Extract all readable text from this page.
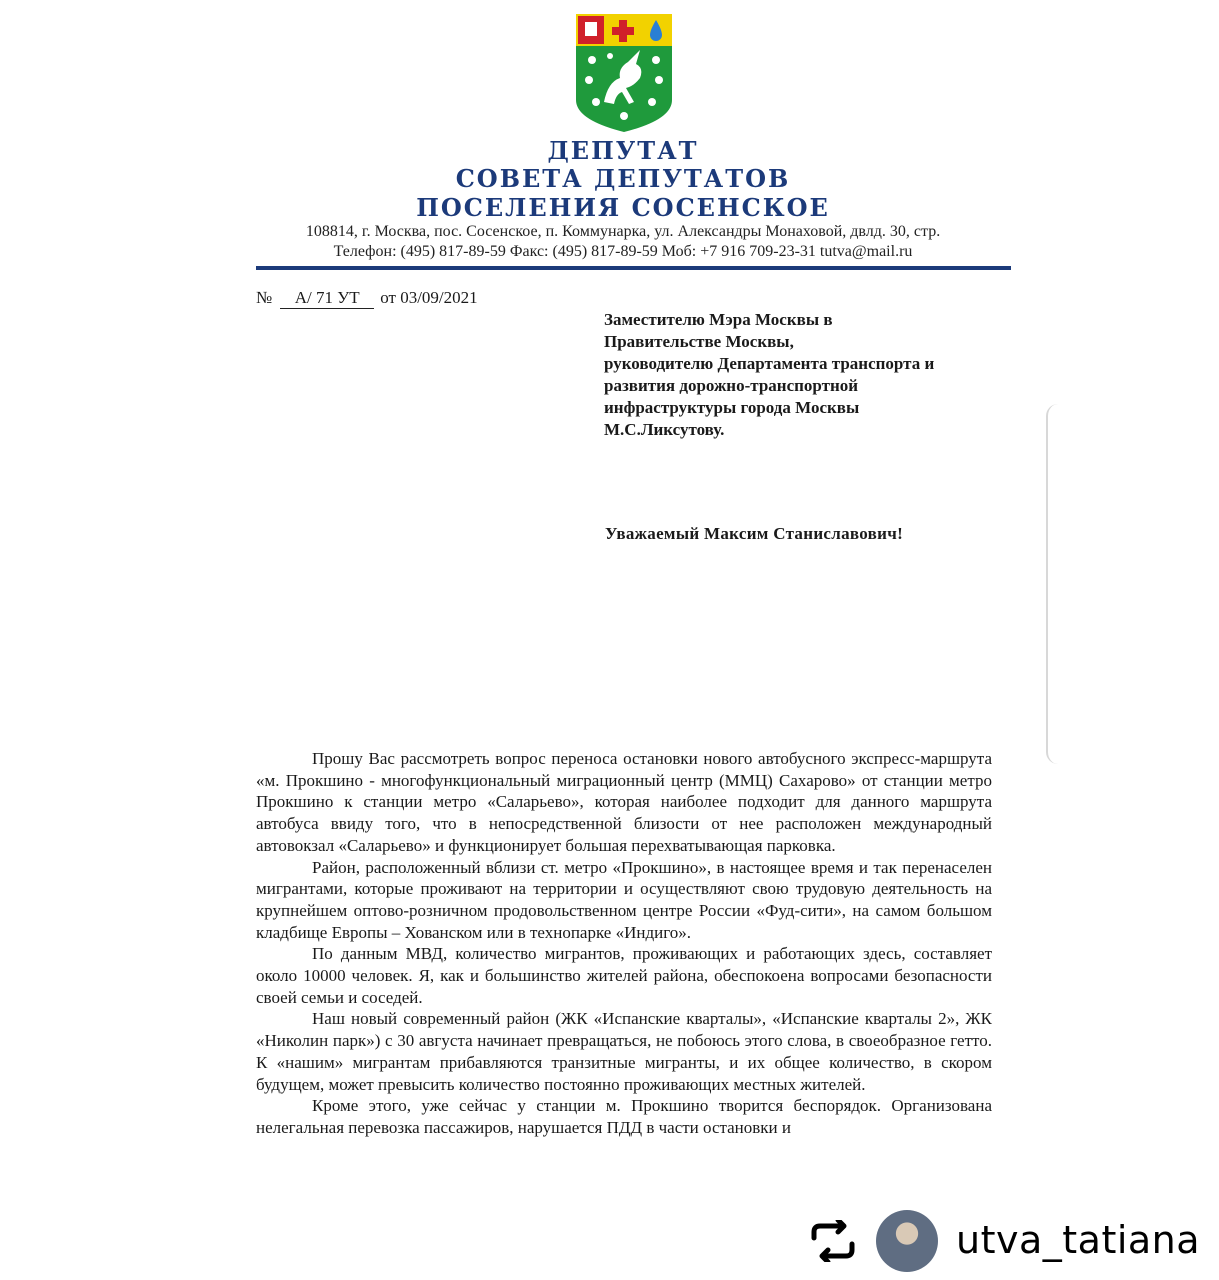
ДЕПУТАТ
СОВЕТА ДЕПУТАТОВ
ПОСЕЛЕНИЯ СОСЕНСКОЕ
108814, г. Москва, пос. Сосенское, п. Коммунарка, ул. Александры Монаховой, двлд. 30, стр.
Телефон: (495) 817-89-59 Факс: (495) 817-89-59 Моб: +7 916 709-23-31 tutva@mail.ru
№ А/ 71 УТ от 03/09/2021
Заместителю Мэра Москвы в
Правительстве Москвы,
руководителю Департамента транспорта и
развития дорожно-транспортной
инфраструктуры города Москвы
М.С.Ликсутову.
Уважаемый Максим Станиславович!

Прошу Вас рассмотреть вопрос переноса остановки нового автобусного экспресс-маршрута «м. Прокшино - многофункциональный миграционный центр (ММЦ) Сахарово» от станции метро Прокшино к станции метро «Саларьево», которая наиболее подходит для данного маршрута автобуса ввиду того, что в непосредственной близости от нее расположен международный автовокзал «Саларьево» и функционирует большая перехватывающая парковка.

Район, расположенный вблизи ст. метро «Прокшино», в настоящее время и так перенаселен мигрантами, которые проживают на территории и осуществляют свою трудовую деятельность на крупнейшем оптово-розничном продовольственном центре России «Фуд-сити», на самом большом кладбище Европы – Хованском или в технопарке «Индиго».

По данным МВД, количество мигрантов, проживающих и работающих здесь, составляет около 10000 человек. Я, как и большинство жителей района, обеспокоена вопросами безопасности своей семьи и соседей.

Наш новый современный район (ЖК «Испанские кварталы», «Испанские кварталы 2», ЖК «Николин парк») с 30 августа начинает превращаться, не побоюсь этого слова, в своеобразное гетто. К «нашим» мигрантам прибавляются транзитные мигранты, и их общее количество, в скором будущем, может превысить количество постоянно проживающих местных жителей.

Кроме этого, уже сейчас у станции м. Прокшино творится беспорядок. Организована нелегальная перевозка пассажиров, нарушается ПДД в части остановки и

utva_tatiana
